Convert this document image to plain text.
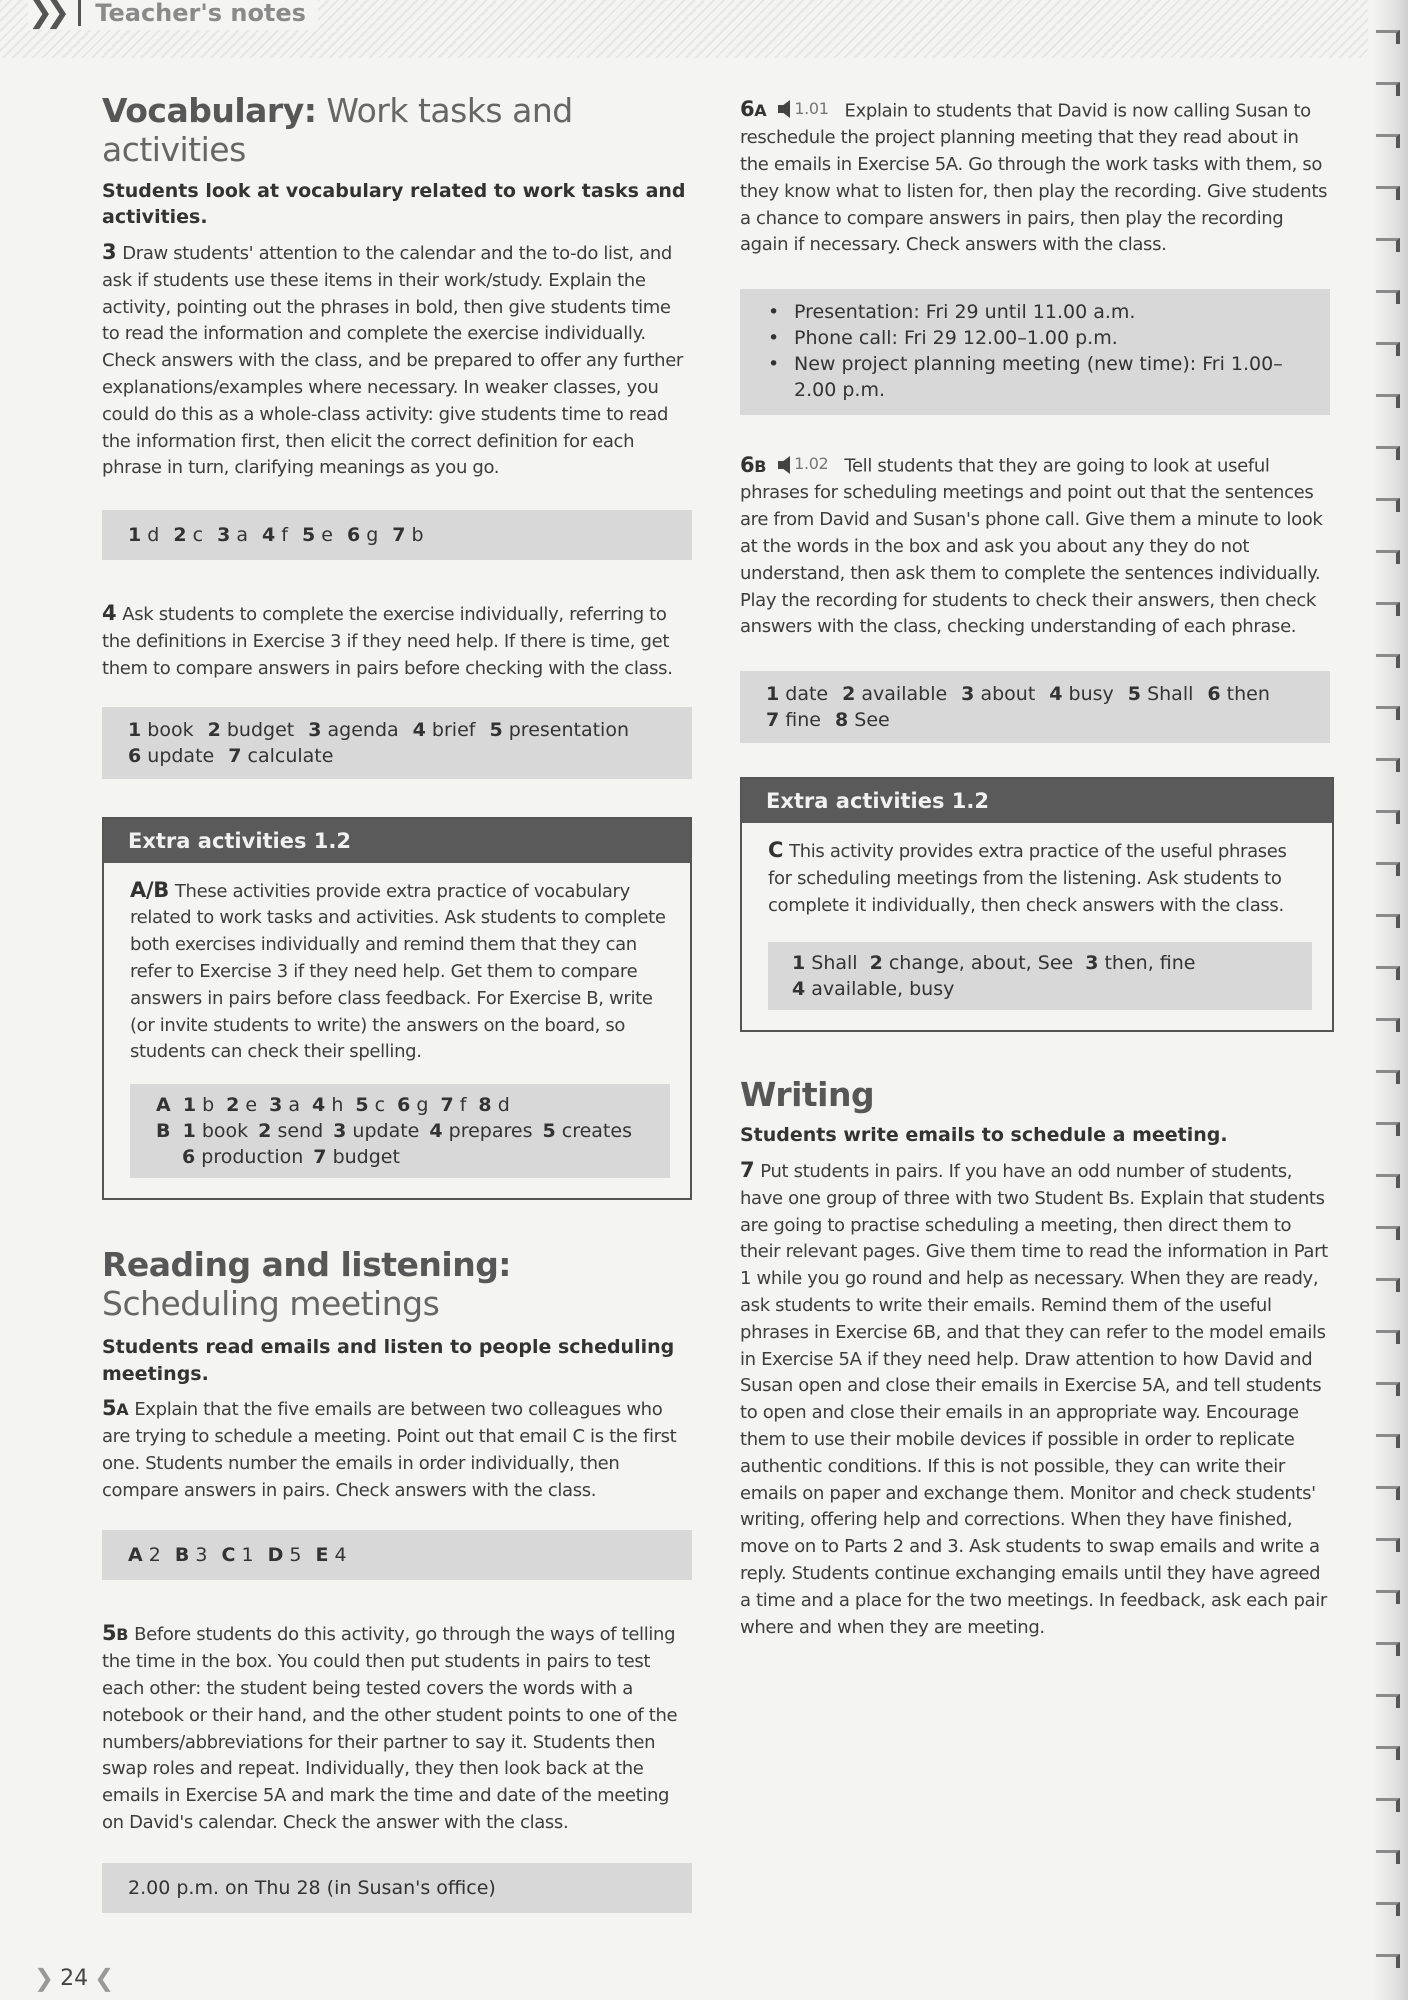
❯❯ Teacher's notes
Vocabulary: Work tasks and activities
Students look at vocabulary related to work tasks and activities.

3 Draw students' attention to the calendar and the to-do list, and ask if students use these items in their work/study. Explain the activity, pointing out the phrases in bold, then give students time to read the information and complete the exercise individually. Check answers with the class, and be prepared to offer any further explanations/examples where necessary. In weaker classes, you could do this as a whole-class activity: give students time to read the information first, then elicit the correct definition for each phrase in turn, clarifying meanings as you go.

1 d 2 c 3 a 4 f 5 e 6 g 7 b

4 Ask students to complete the exercise individually, referring to the definitions in Exercise 3 if they need help. If there is time, get them to compare answers in pairs before checking with the class.

1 book 2 budget 3 agenda 4 brief 5 presentation
6 update 7 calculate
Extra activities 1.2

A/B These activities provide extra practice of vocabulary related to work tasks and activities. Ask students to complete both exercises individually and remind them that they can refer to Exercise 3 if they need help. Get them to compare answers in pairs before class feedback. For Exercise B, write (or invite students to write) the answers on the board, so students can check their spelling.

A 1 b 2 e 3 a 4 h 5 c 6 g 7 f 8 d
B 1 book 2 send 3 update 4 prepares 5 creates
6 production 7 budget
Reading and listening: Scheduling meetings
Students read emails and listen to people scheduling meetings.

5A Explain that the five emails are between two colleagues who are trying to schedule a meeting. Point out that email C is the first one. Students number the emails in order individually, then compare answers in pairs. Check answers with the class.

A 2 B 3 C 1 D 5 E 4

5B Before students do this activity, go through the ways of telling the time in the box. You could then put students in pairs to test each other: the student being tested covers the words with a notebook or their hand, and the other student points to one of the numbers/abbreviations for their partner to say it. Students then swap roles and repeat. Individually, they then look back at the emails in Exercise 5A and mark the time and date of the meeting on David's calendar. Check the answer with the class.

2.00 p.m. on Thu 28 (in Susan's office)

6A 1.01 Explain to students that David is now calling Susan to reschedule the project planning meeting that they read about in the emails in Exercise 5A. Go through the work tasks with them, so they know what to listen for, then play the recording. Give students a chance to compare answers in pairs, then play the recording again if necessary. Check answers with the class.

• Presentation: Fri 29 until 11.00 a.m.
• Phone call: Fri 29 12.00–1.00 p.m.
• New project planning meeting (new time): Fri 1.00–2.00 p.m.

6B 1.02 Tell students that they are going to look at useful phrases for scheduling meetings and point out that the sentences are from David and Susan's phone call. Give them a minute to look at the words in the box and ask you about any they do not understand, then ask them to complete the sentences individually. Play the recording for students to check their answers, then check answers with the class, checking understanding of each phrase.

1 date 2 available 3 about 4 busy 5 Shall 6 then
7 fine 8 See
Extra activities 1.2

C This activity provides extra practice of the useful phrases for scheduling meetings from the listening. Ask students to complete it individually, then check answers with the class.

1 Shall 2 change, about, See 3 then, fine
4 available, busy
Writing
Students write emails to schedule a meeting.

7 Put students in pairs. If you have an odd number of students, have one group of three with two Student Bs. Explain that students are going to practise scheduling a meeting, then direct them to their relevant pages. Give them time to read the information in Part 1 while you go round and help as necessary. When they are ready, ask students to write their emails. Remind them of the useful phrases in Exercise 6B, and that they can refer to the model emails in Exercise 5A if they need help. Draw attention to how David and Susan open and close their emails in Exercise 5A, and tell students to open and close their emails in an appropriate way. Encourage them to use their mobile devices if possible in order to replicate authentic conditions. If this is not possible, they can write their emails on paper and exchange them. Monitor and check students' writing, offering help and corrections. When they have finished, move on to Parts 2 and 3. Ask students to swap emails and write a reply. Students continue exchanging emails until they have agreed a time and a place for the two meetings. In feedback, ask each pair where and when they are meeting.

❯ 24 ❮
